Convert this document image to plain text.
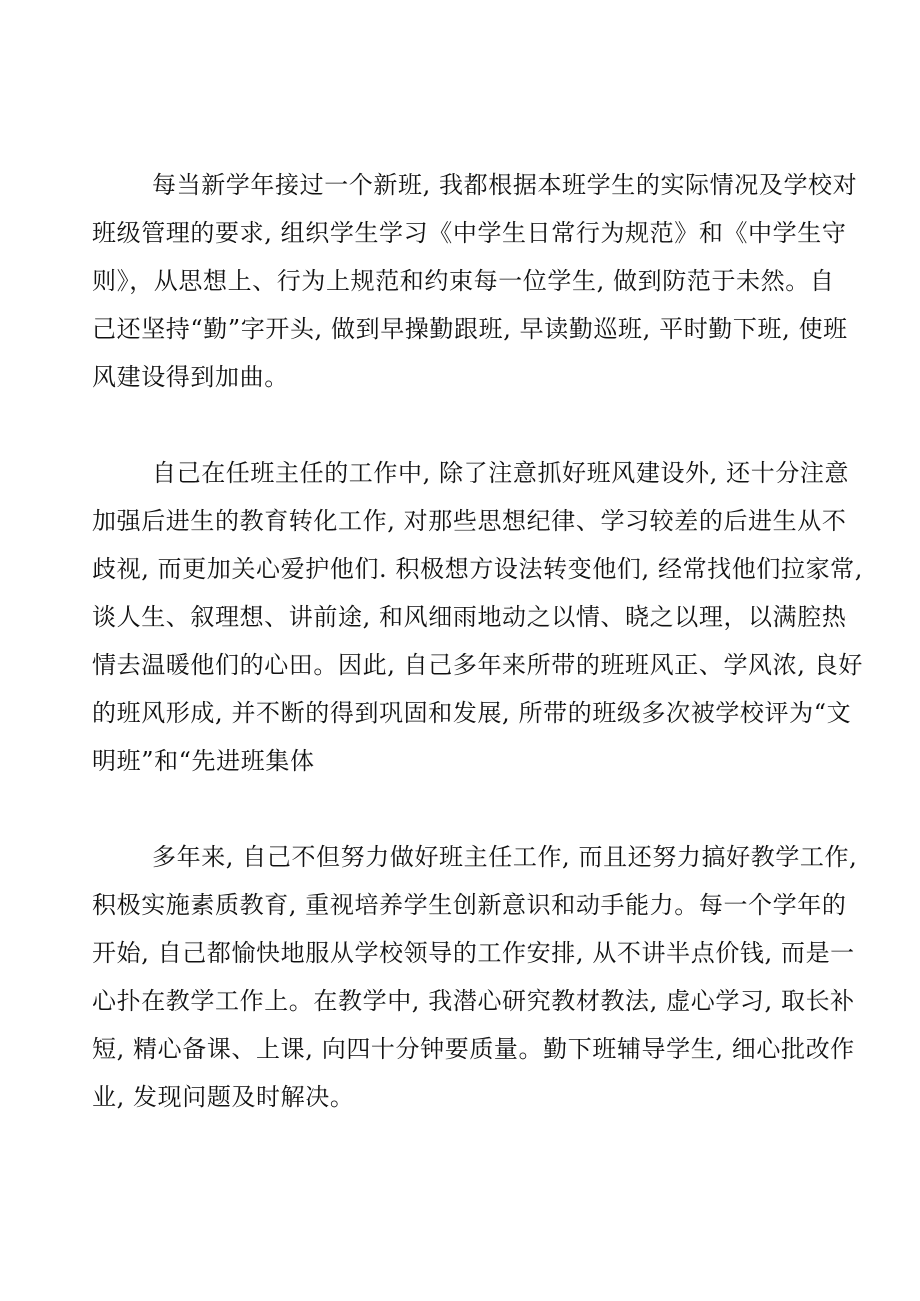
每当新学年接过一个新班, 我都根据本班学生的实际情况及学校对
班级管理的要求, 组织学生学习《中学生日常行为规范》和《中学生守
则》，从思想上、行为上规范和约束每一位学生, 做到防范于未然。自
己还坚持“勤”字开头, 做到早操勤跟班, 早读勤巡班, 平时勤下班, 使班
风建设得到加曲。
自己在任班主任的工作中, 除了注意抓好班风建设外, 还十分注意
加强后进生的教育转化工作, 对那些思想纪律、学习较差的后进生从不
歧视, 而更加关心爱护他们. 积极想方设法转变他们, 经常找他们拉家常,
谈人生、叙理想、讲前途, 和风细雨地动之以情、晓之以理，以满腔热
情去温暖他们的心田。因此, 自己多年来所带的班班风正、学风浓, 良好
的班风形成, 并不断的得到巩固和发展, 所带的班级多次被学校评为“文
明班”和“先进班集体
多年来, 自己不但努力做好班主任工作, 而且还努力搞好教学工作,
积极实施素质教育, 重视培养学生创新意识和动手能力。每一个学年的
开始, 自己都愉快地服从学校领导的工作安排, 从不讲半点价钱, 而是一
心扑在教学工作上。在教学中, 我潜心研究教材教法, 虚心学习, 取长补
短, 精心备课、上课, 向四十分钟要质量。勤下班辅导学生, 细心批改作
业, 发现问题及时解决。
